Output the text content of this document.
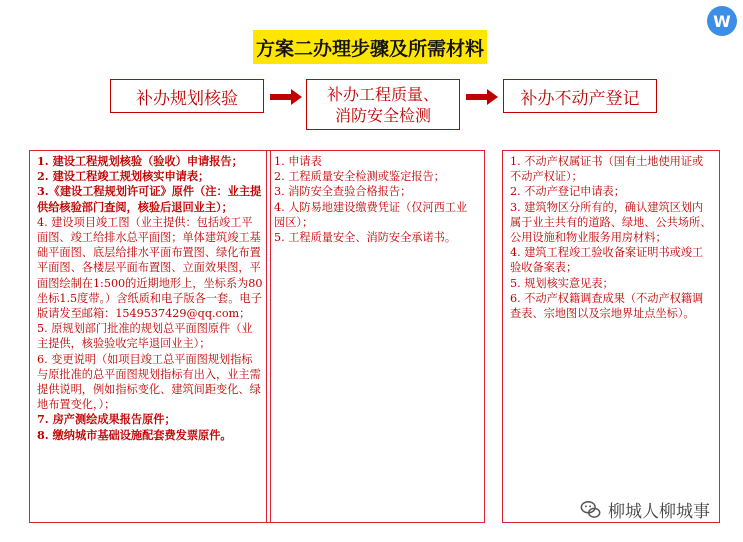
W
方案二办理步骤及所需材料
补办规划核验	补办工程质量、
消防安全检测
补办不动产登记

1. 建设工程规划核验（验收）申请报告；

2. 建设工程竣工规划核实申请表；

3.《建设工程规划许可证》原件（注：业主提供给核验部门查阅，核验后退回业主）；

4. 建设项目竣工图（业主提供：包括竣工平面图、竣工给排水总平面图；单体建筑竣工基础平面图、底层给排水平面布置图、绿化布置平面图、各楼层平面布置图、立面效果图，平面图绘制在1:500的近期地形上，坐标系为80坐标1.5度带。）含纸质和电子版各一套。电子版请发至邮箱：1549537429@qq.com；

5. 原规划部门批准的规划总平面图原件（业主提供，核验验收完毕退回业主）；

6. 变更说明（如项目竣工总平面图规划指标与原批准的总平面图规划指标有出入，业主需提供说明，例如指标变化、建筑间距变化、绿地布置变化，）；

7. 房产测绘成果报告原件；

8. 缴纳城市基础设施配套费发票原件。

1. 申请表

2. 工程质量安全检测或鉴定报告；

3. 消防安全查验合格报告；

4. 人防易地建设缴费凭证（仅河西工业园区）；

5. 工程质量安全、消防安全承诺书。

1. 不动产权属证书（国有土地使用证或不动产权证）；

2. 不动产登记申请表；

3. 建筑物区分所有的，确认建筑区划内属于业主共有的道路、绿地、公共场所、公用设施和物业服务用房材料；

4. 建筑工程竣工验收备案证明书或竣工验收备案表；

5. 规划核实意见表；

6. 不动产权籍调查成果（不动产权籍调查表、宗地图以及宗地界址点坐标）。

柳城人柳城事
